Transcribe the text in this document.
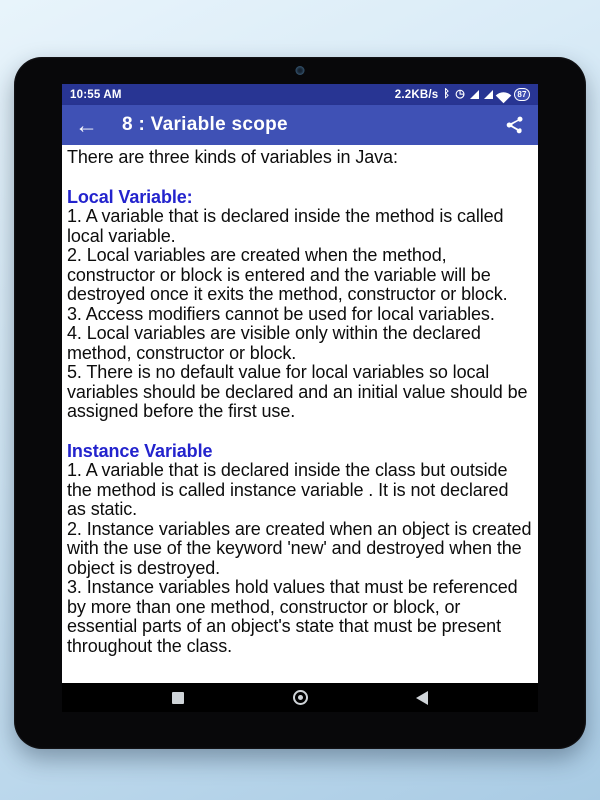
10:55 AM	2.2KB/s ᛒ ◷	87
← 8 : Variable scope
There are three kinds of variables in Java:
Local Variable:
1. A variable that is declared inside the method is called local variable.
2. Local variables are created when the method, constructor or block is entered and the variable will be destroyed once it exits the method, constructor or block.
3. Access modifiers cannot be used for local variables.
4. Local variables are visible only within the declared method, constructor or block.
5. There is no default value for local variables so local variables should be declared and an initial value should be assigned before the first use.
Instance Variable
1. A variable that is declared inside the class but outside the method is called instance variable . It is not declared as static.
2. Instance variables are created when an object is created with the use of the keyword 'new' and destroyed when the object is destroyed.
3. Instance variables hold values that must be referenced by more than one method, constructor or block, or essential parts of an object's state that must be present throughout the class.
